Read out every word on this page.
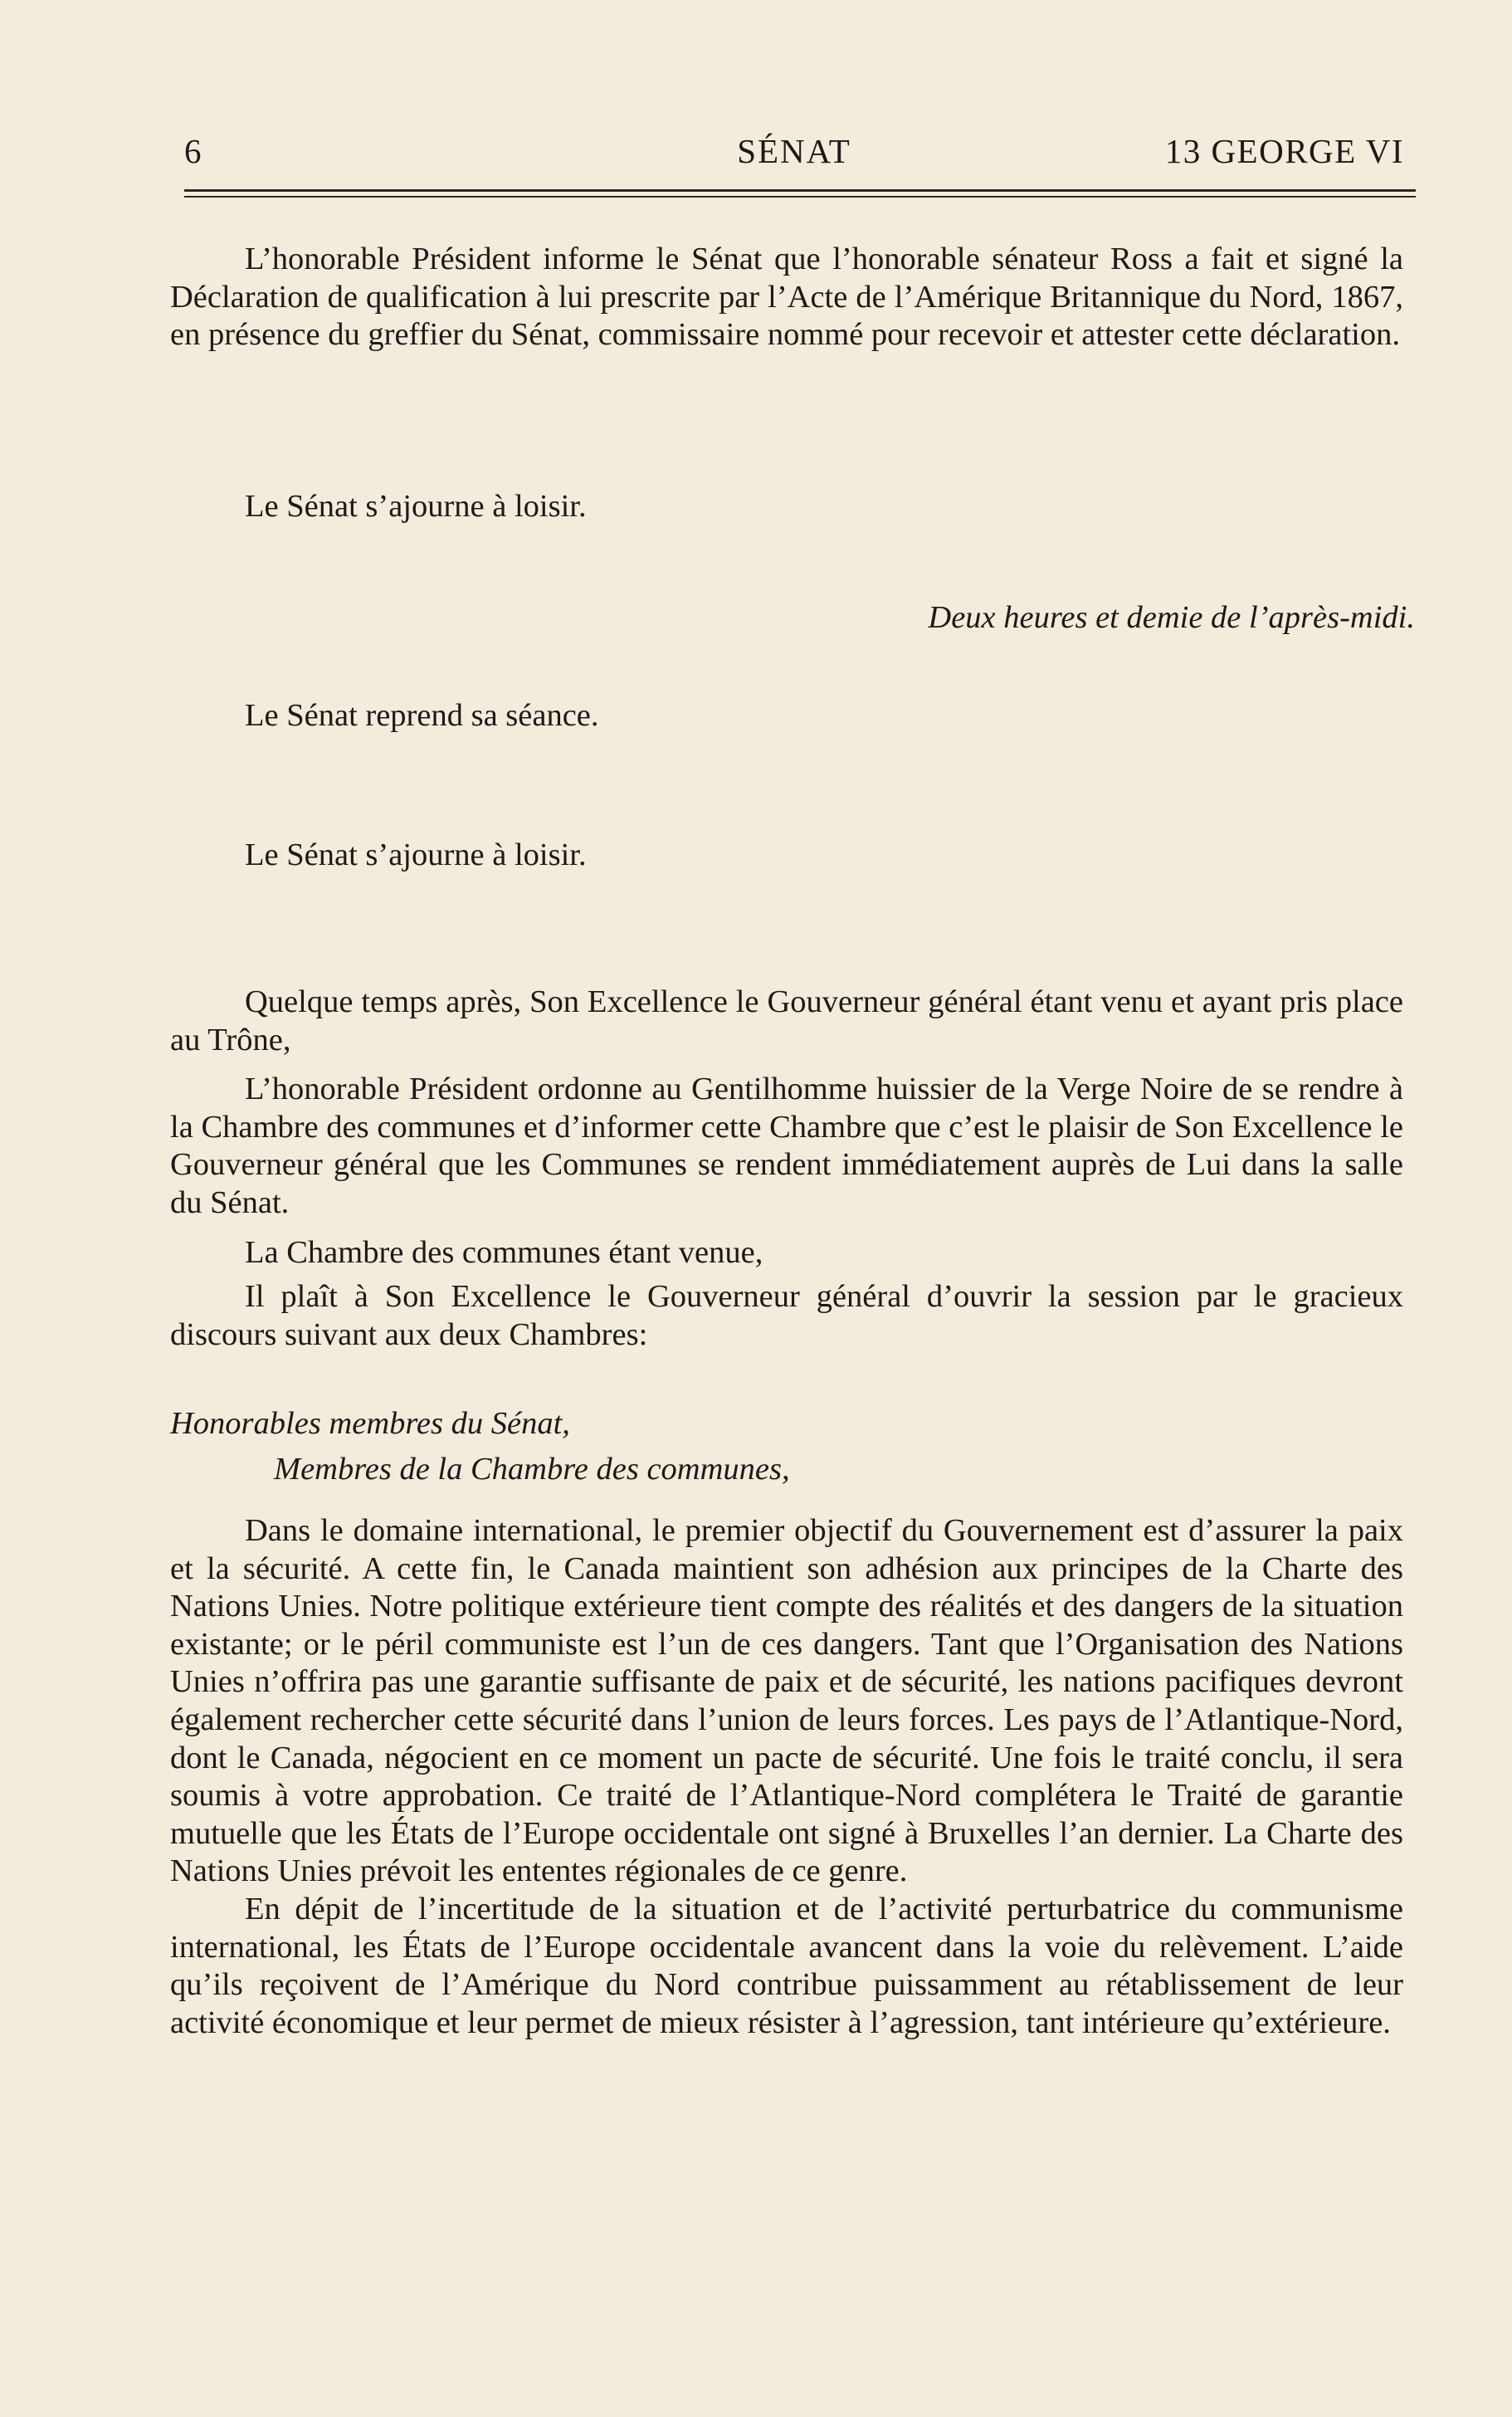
6	SÉNAT	13 GEORGE VI

L’honorable Président informe le Sénat que l’honorable sénateur Ross a fait et signé la Déclaration de qualification à lui prescrite par l’Acte de l’Amérique Britannique du Nord, 1867, en présence du greffier du Sénat, commissaire nommé pour recevoir et attester cette déclaration.

Le Sénat s’ajourne à loisir.

Deux heures et demie de l’après-midi.

Le Sénat reprend sa séance.

Le Sénat s’ajourne à loisir.

Quelque temps après, Son Excellence le Gouverneur général étant venu et ayant pris place au Trône,

L’honorable Président ordonne au Gentilhomme huissier de la Verge Noire de se rendre à la Chambre des communes et d’informer cette Chambre que c’est le plaisir de Son Excellence le Gouverneur général que les Communes se rendent immédiatement auprès de Lui dans la salle du Sénat.

La Chambre des communes étant venue,

Il plaît à Son Excellence le Gouverneur général d’ouvrir la session par le gracieux discours suivant aux deux Chambres:

Honorables membres du Sénat,

Membres de la Chambre des communes,

Dans le domaine international, le premier objectif du Gouvernement est d’assurer la paix et la sécurité. A cette fin, le Canada maintient son adhésion aux principes de la Charte des Nations Unies. Notre politique extérieure tient compte des réalités et des dangers de la situation existante; or le péril communiste est l’un de ces dangers. Tant que l’Organisation des Nations Unies n’offrira pas une garantie suffisante de paix et de sécurité, les nations pacifiques devront également rechercher cette sécurité dans l’union de leurs forces. Les pays de l’Atlantique-Nord, dont le Canada, négocient en ce moment un pacte de sécurité. Une fois le traité conclu, il sera soumis à votre approbation. Ce traité de l’Atlantique-Nord complétera le Traité de garantie mutuelle que les États de l’Europe occidentale ont signé à Bruxelles l’an dernier. La Charte des Nations Unies prévoit les ententes régionales de ce genre.

En dépit de l’incertitude de la situation et de l’activité perturbatrice du communisme international, les États de l’Europe occidentale avancent dans la voie du relèvement. L’aide qu’ils reçoivent de l’Amérique du Nord contribue puissamment au rétablissement de leur activité économique et leur permet de mieux résister à l’agression, tant intérieure qu’extérieure.
